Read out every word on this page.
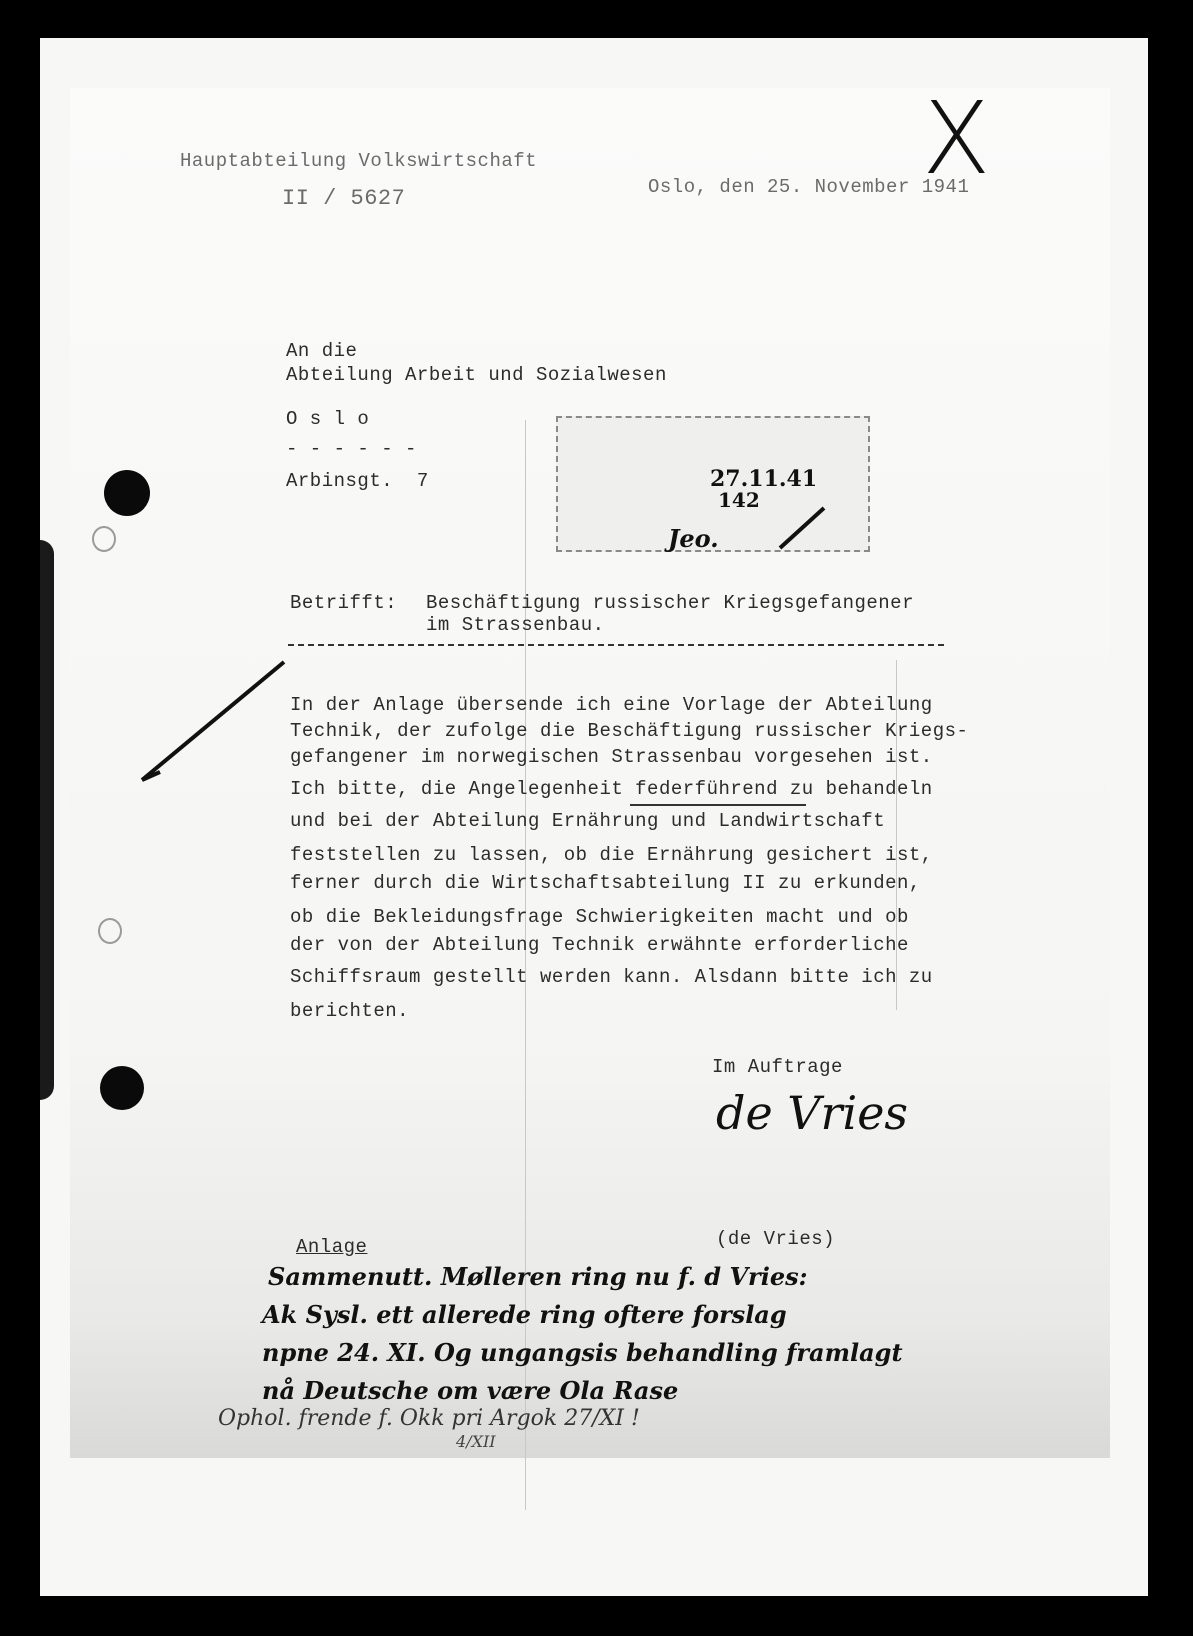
Hauptabteilung Volkswirtschaft
II / 5627	Oslo, den 25. November 1941
X
An die
Abteilung Arbeit und Sozialwesen
O s l o
- - - - - -
Arbinsgt.  7	27.11.41
142
Jeo.
Betrifft: Beschäftigung russischer Kriegsgefangener
im Strassenbau.
In der Anlage übersende ich eine Vorlage der Abteilung
Technik, der zufolge die Beschäftigung russischer Kriegs-
gefangener im norwegischen Strassenbau vorgesehen ist.
Ich bitte, die Angelegenheit federführend zu behandeln
und bei der Abteilung Ernährung und Landwirtschaft
feststellen zu lassen, ob die Ernährung gesichert ist,
ferner durch die Wirtschaftsabteilung II zu erkunden,
ob die Bekleidungsfrage Schwierigkeiten macht und ob
der von der Abteilung Technik erwähnte erforderliche
Schiffsraum gestellt werden kann. Alsdann bitte ich zu
berichten.
Im Auftrage
de Vries
(de Vries)
Anlage
Sammenutt. Mølleren ring nu f. d Vries:
Ak Sysl. ett allerede ring oftere forslag
npne 24. XI. Og ungangsis behandling framlagt
nå Deutsche om være Ola Rase
Ophol. frende f. Okk pri Argok 27/XI !
4/XII
